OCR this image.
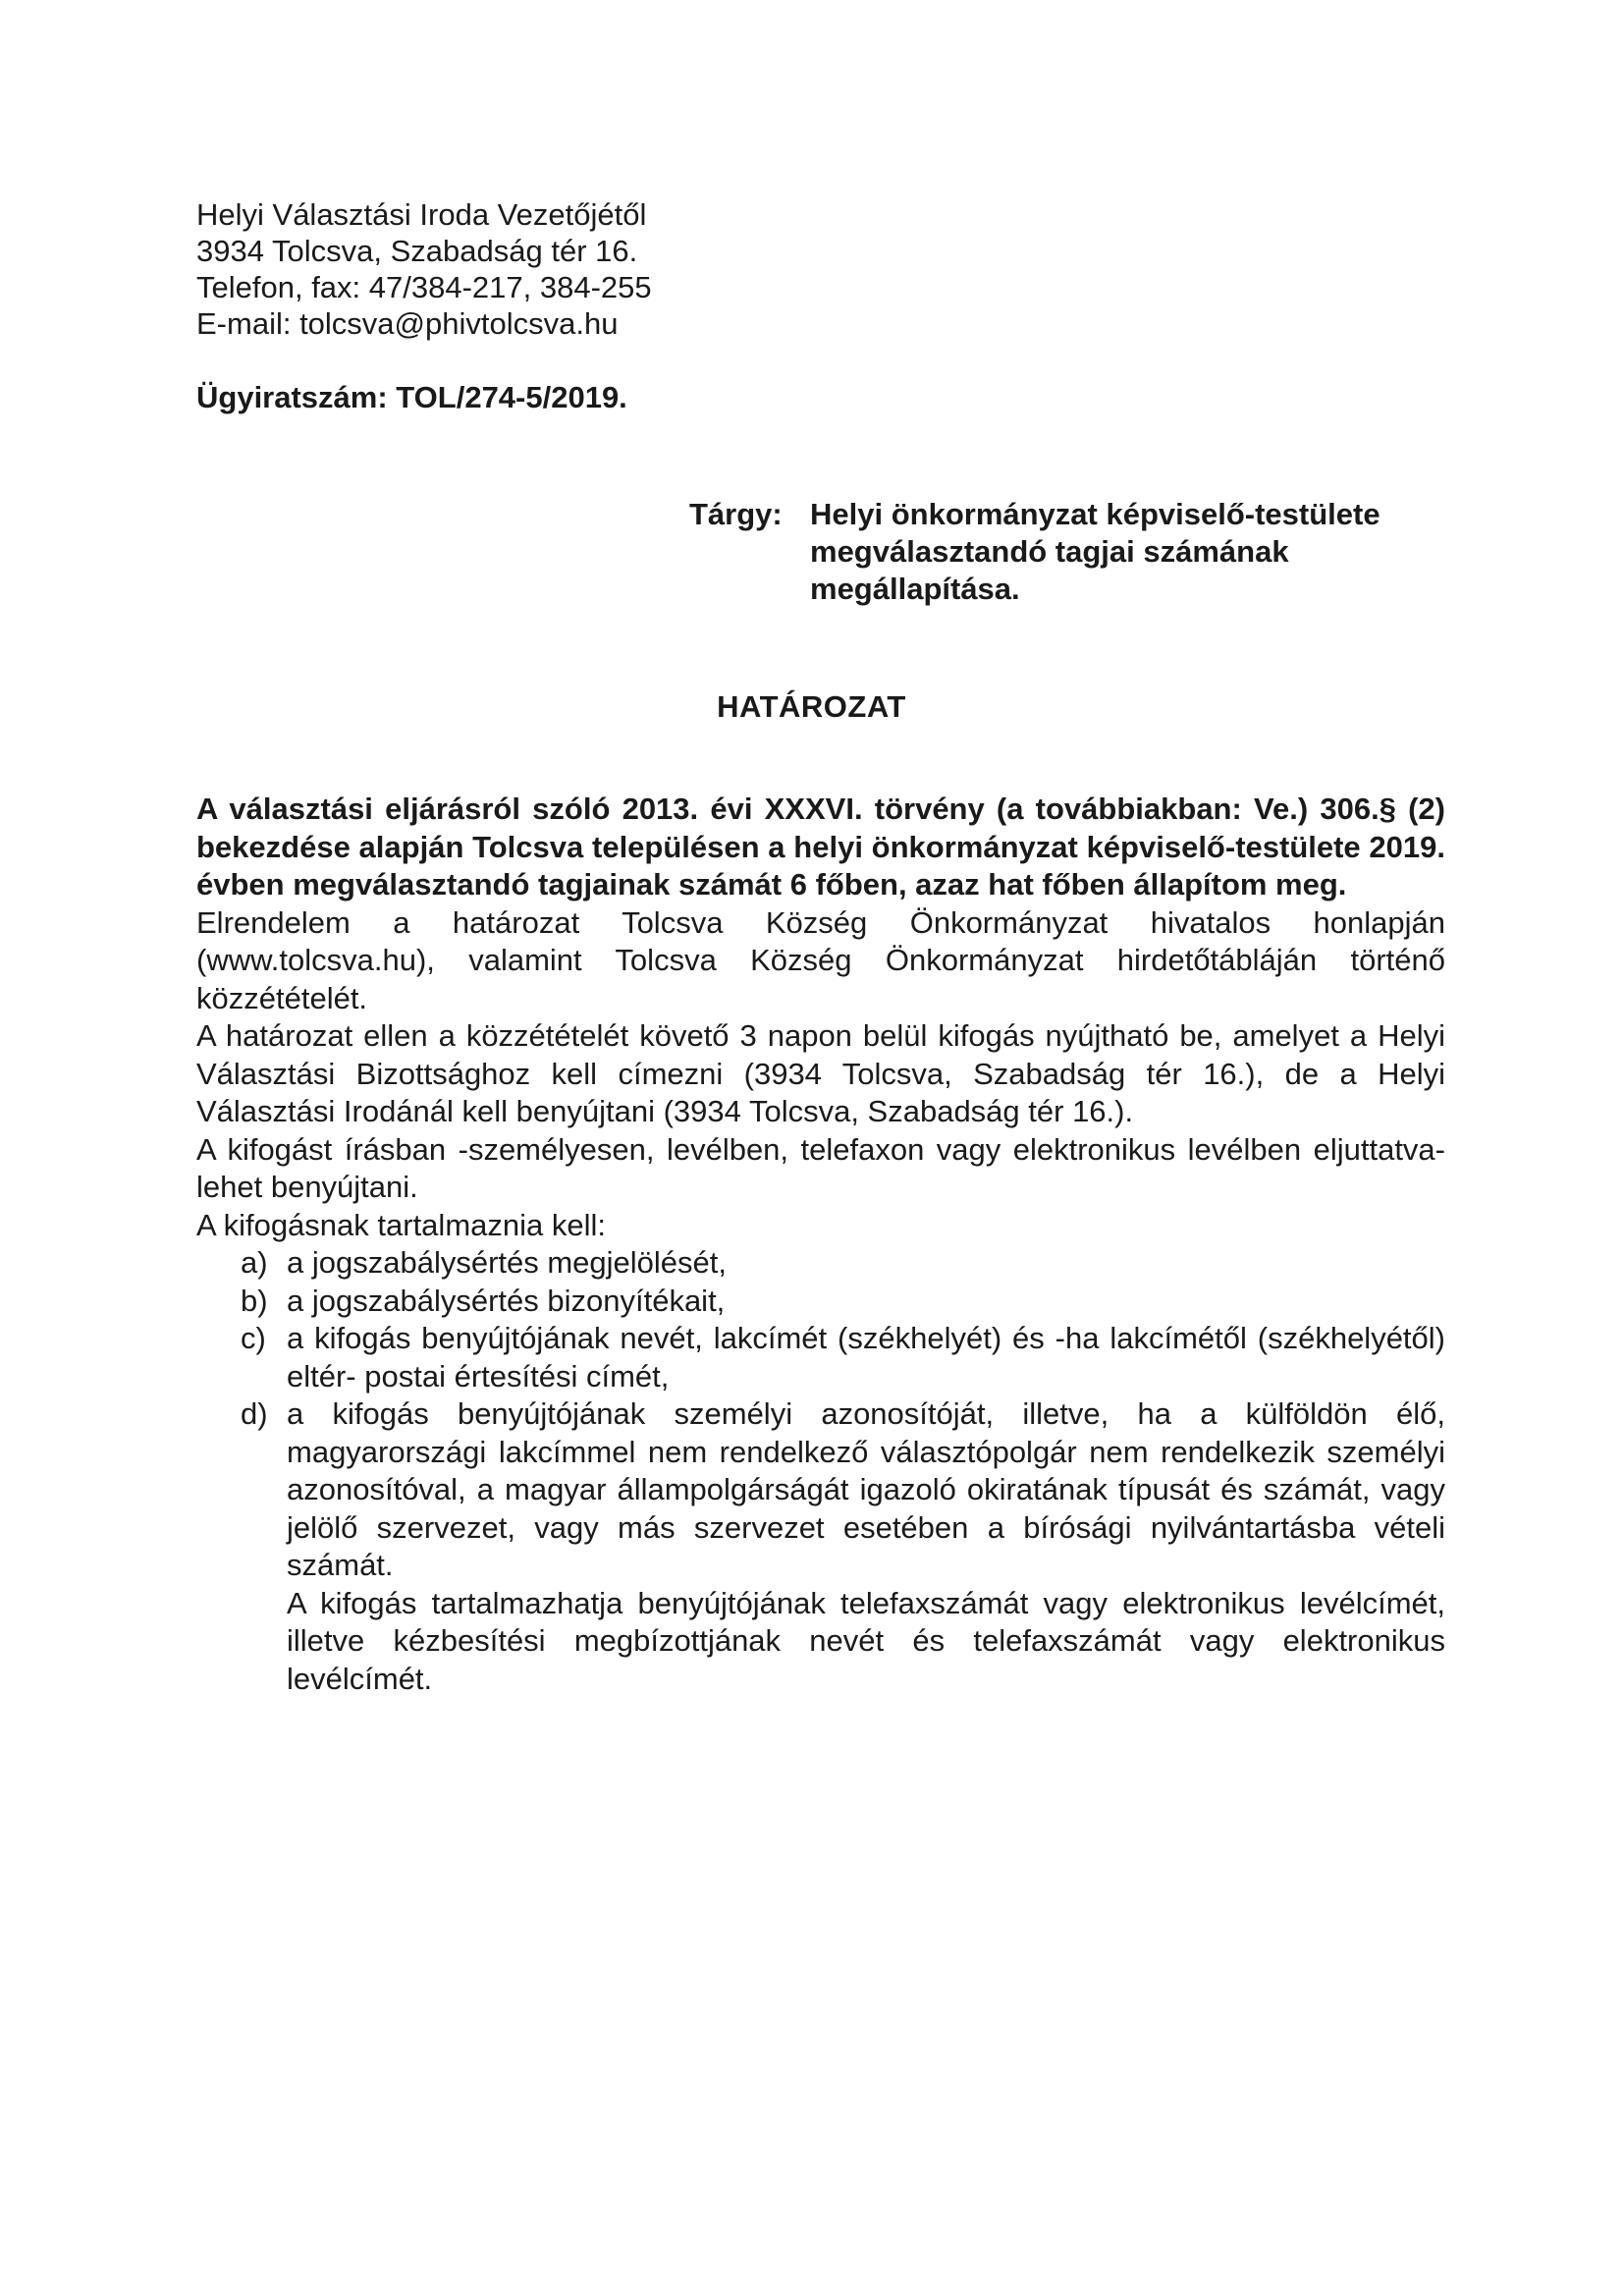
Helyi Választási Iroda Vezetőjétől
3934 Tolcsva, Szabadság tér 16.
Telefon, fax: 47/384-217, 384-255
E-mail: tolcsva@phivtolcsva.hu
Ügyiratszám: TOL/274-5/2019.
Tárgy: Helyi önkormányzat képviselő-testülete megválasztandó tagjai számának megállapítása.
HATÁROZAT

A választási eljárásról szóló 2013. évi XXXVI. törvény (a továbbiakban: Ve.) 306.§ (2) bekezdése alapján Tolcsva településen a helyi önkormányzat képviselő-testülete 2019. évben megválasztandó tagjainak számát 6 főben, azaz hat főben állapítom meg.

Elrendelem a határozat Tolcsva Község Önkormányzat hivatalos honlapján (www.tolcsva.hu), valamint Tolcsva Község Önkormányzat hirdetőtábláján történő közzétételét.

A határozat ellen a közzétételét követő 3 napon belül kifogás nyújtható be, amelyet a Helyi Választási Bizottsághoz kell címezni (3934 Tolcsva, Szabadság tér 16.), de a Helyi Választási Irodánál kell benyújtani (3934 Tolcsva, Szabadság tér 16.).

A kifogást írásban -személyesen, levélben, telefaxon vagy elektronikus levélben eljuttatva- lehet benyújtani.

A kifogásnak tartalmaznia kell:

a) a jogszabálysértés megjelölését,
b) a jogszabálysértés bizonyítékait,
c) a kifogás benyújtójának nevét, lakcímét (székhelyét) és -ha lakcímétől (székhelyétől) eltér- postai értesítési címét,
d) a kifogás benyújtójának személyi azonosítóját, illetve, ha a külföldön élő, magyarországi lakcímmel nem rendelkező választópolgár nem rendelkezik személyi azonosítóval, a magyar állampolgárságát igazoló okiratának típusát és számát, vagy jelölő szervezet, vagy más szervezet esetében a bírósági nyilvántartásba vételi számát.

A kifogás tartalmazhatja benyújtójának telefaxszámát vagy elektronikus levélcímét, illetve kézbesítési megbízottjának nevét és telefaxszámát vagy elektronikus levélcímét.
